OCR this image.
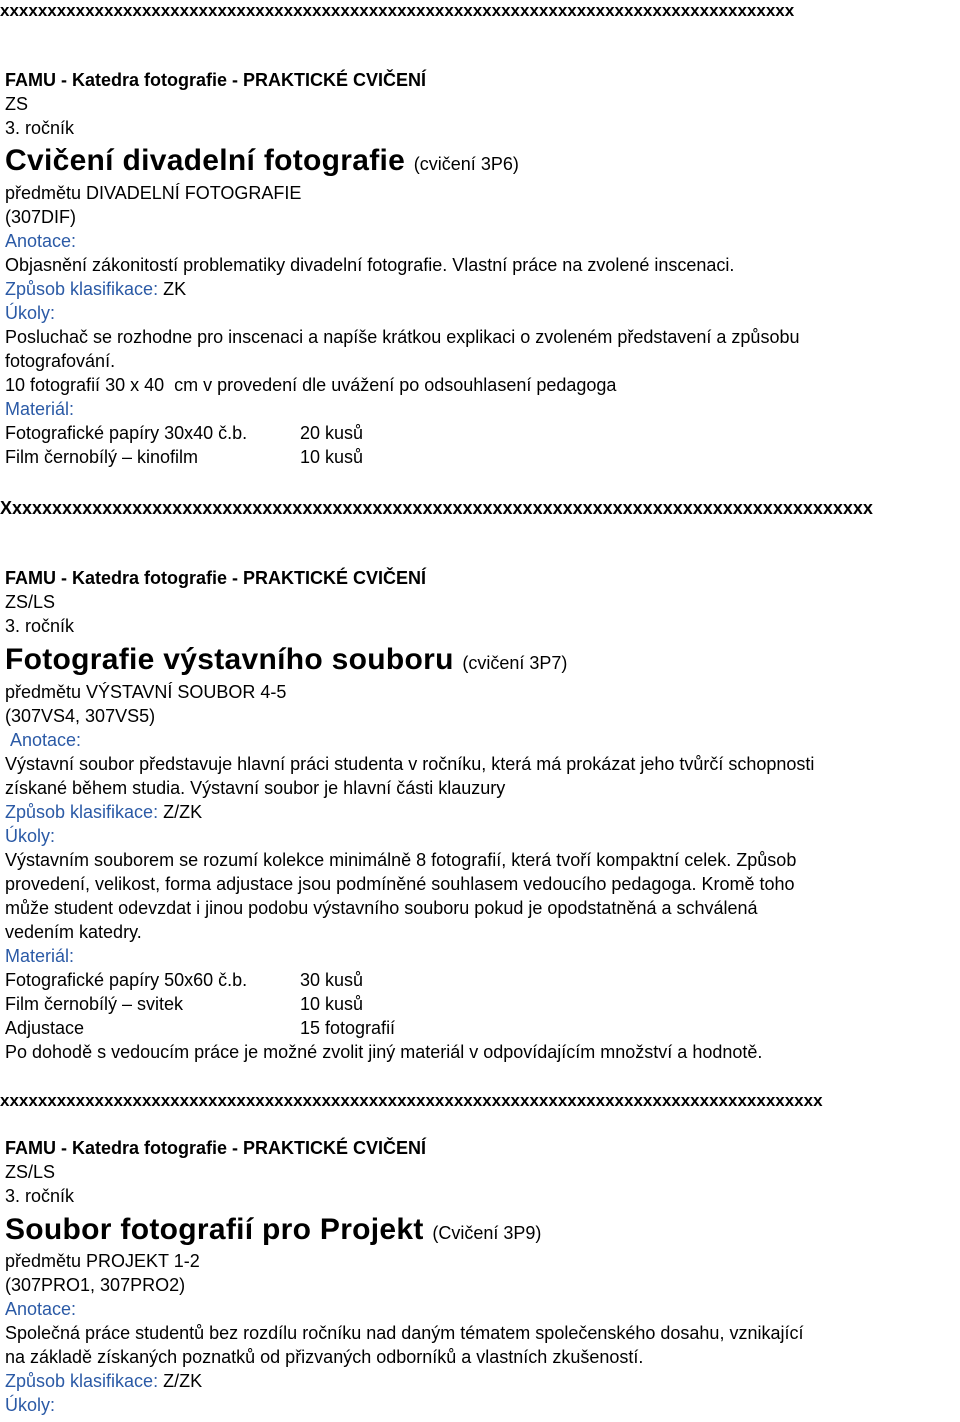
xxxxxxxxxxxxxxxxxxxxxxxxxxxxxxxxxxxxxxxxxxxxxxxxxxxxxxxxxxxxxxxxxxxxxxxxxxxxxxxxxxxx
FAMU - Katedra fotografie - PRAKTICKÉ CVIČENÍ
ZS
3. ročník
Cvičení divadelní fotografie (cvičení 3P6)
předmětu DIVADELNÍ FOTOGRAFIE
(307DIF)
Anotace:
Objasnění zákonitostí problematiky divadelní fotografie. Vlastní práce na zvolené inscenaci.
Způsob klasifikace: ZK
Úkoly:
Posluchač se rozhodne pro inscenaci a napíše krátkou explikaci o zvoleném představení a způsobu
fotografování.
10 fotografií 30 x 40  cm v provedení dle uvážení po odsouhlasení pedagoga
Materiál:
Fotografické papíry 30x40 č.b.	20 kusů
Film černobílý – kinofilm	10 kusů
Xxxxxxxxxxxxxxxxxxxxxxxxxxxxxxxxxxxxxxxxxxxxxxxxxxxxxxxxxxxxxxxxxxxxxxxxxxxxxxxxxxxxxxx
FAMU - Katedra fotografie - PRAKTICKÉ CVIČENÍ
ZS/LS
3. ročník
Fotografie výstavního souboru (cvičení 3P7)
předmětu VÝSTAVNÍ SOUBOR 4-5
(307VS4, 307VS5)
Anotace:
Výstavní soubor představuje hlavní práci studenta v ročníku, která má prokázat jeho tvůrčí schopnosti
získané během studia. Výstavní soubor je hlavní části klauzury
Způsob klasifikace: Z/ZK
Úkoly:
Výstavním souborem se rozumí kolekce minimálně 8 fotografií, která tvoří kompaktní celek. Způsob
provedení, velikost, forma adjustace jsou podmíněné souhlasem vedoucího pedagoga. Kromě toho
může student odevzdat i jinou podobu výstavního souboru pokud je opodstatněná a schválená
vedením katedry.
Materiál:
Fotografické papíry 50x60 č.b.	30 kusů
Film černobílý – svitek	10 kusů
Adjustace	15 fotografií
Po dohodě s vedoucím práce je možné zvolit jiný materiál v odpovídajícím množství a hodnotě.
xxxxxxxxxxxxxxxxxxxxxxxxxxxxxxxxxxxxxxxxxxxxxxxxxxxxxxxxxxxxxxxxxxxxxxxxxxxxxxxxxxxxxxx
FAMU - Katedra fotografie - PRAKTICKÉ CVIČENÍ
ZS/LS
3. ročník
Soubor fotografií pro Projekt (Cvičení 3P9)
předmětu PROJEKT 1-2
(307PRO1, 307PRO2)
Anotace:
Společná práce studentů bez rozdílu ročníku nad daným tématem společenského dosahu, vznikající
na základě získaných poznatků od přizvaných odborníků a vlastních zkušeností.
Způsob klasifikace: Z/ZK
Úkoly:
